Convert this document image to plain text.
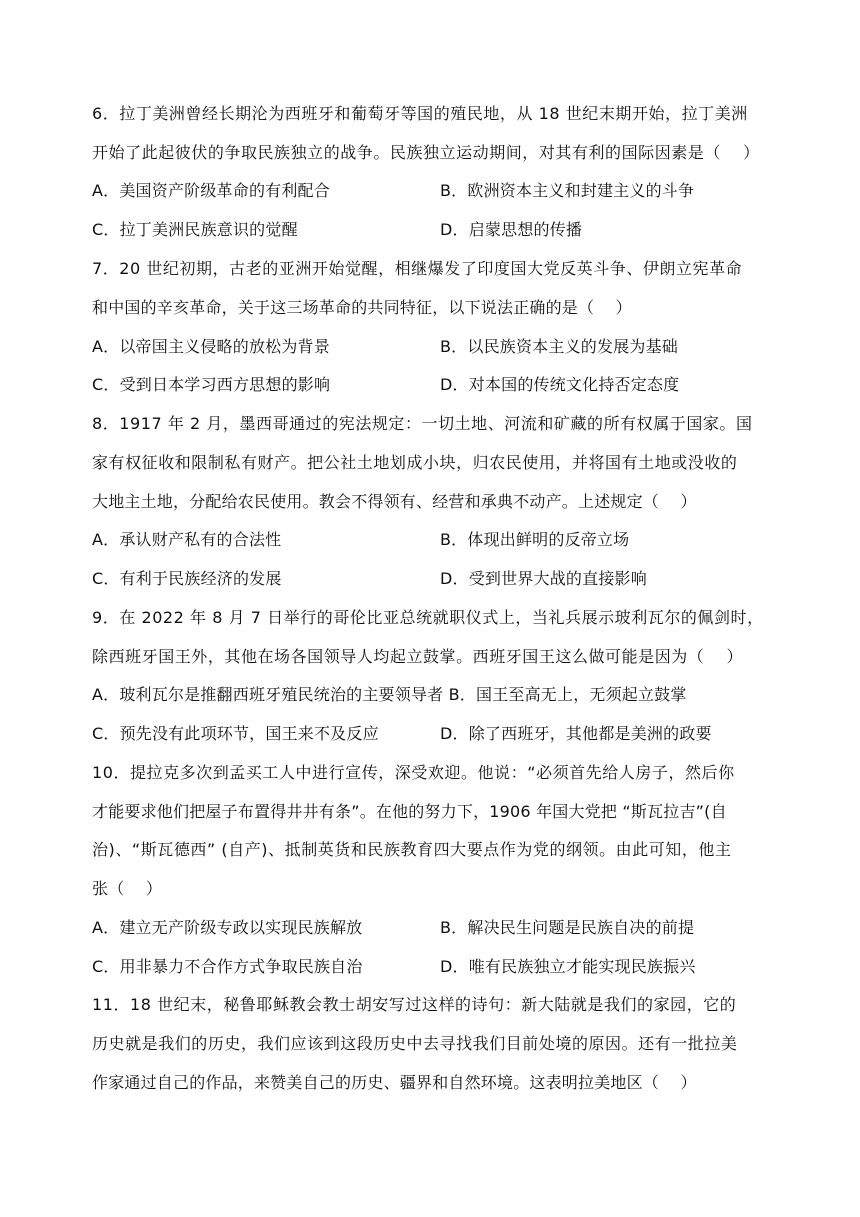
6．拉丁美洲曾经长期沦为西班牙和葡萄牙等国的殖民地，从 18 世纪末期开始，拉丁美洲
开始了此起彼伏的争取民族独立的战争。民族独立运动期间，对其有利的国际因素是（　 ）
A．美国资产阶级革命的有利配合	B．欧洲资本主义和封建主义的斗争
C．拉丁美洲民族意识的觉醒	D．启蒙思想的传播
7．20 世纪初期，古老的亚洲开始觉醒，相继爆发了印度国大党反英斗争、伊朗立宪革命
和中国的辛亥革命，关于这三场革命的共同特征，以下说法正确的是（　 ）
A．以帝国主义侵略的放松为背景	B．以民族资本主义的发展为基础
C．受到日本学习西方思想的影响	D．对本国的传统文化持否定态度
8．1917 年 2 月，墨西哥通过的宪法规定：一切土地、河流和矿藏的所有权属于国家。国
家有权征收和限制私有财产。把公社土地划成小块，归农民使用，并将国有土地或没收的
大地主土地，分配给农民使用。教会不得领有、经营和承典不动产。上述规定（　 ）
A．承认财产私有的合法性	B．体现出鲜明的反帝立场
C．有利于民族经济的发展	D．受到世界大战的直接影响
9．在 2022 年 8 月 7 日举行的哥伦比亚总统就职仪式上，当礼兵展示玻利瓦尔的佩剑时，
除西班牙国王外，其他在场各国领导人均起立鼓掌。西班牙国王这么做可能是因为（　 ）
A．玻利瓦尔是推翻西班牙殖民统治的主要领导者 B．国王至高无上，无须起立鼓掌
C．预先没有此项环节，国王来不及反应	D．除了西班牙，其他都是美洲的政要
10．提拉克多次到孟买工人中进行宣传，深受欢迎。他说：“必须首先给人房子，然后你
才能要求他们把屋子布置得井井有条”。在他的努力下，1906 年国大党把 “斯瓦拉吉”(自
治)、“斯瓦德西” (自产)、抵制英货和民族教育四大要点作为党的纲领。由此可知，他主
张（　 ）
A．建立无产阶级专政以实现民族解放	B．解决民生问题是民族自决的前提
C．用非暴力不合作方式争取民族自治	D．唯有民族独立才能实现民族振兴
11．18 世纪末，秘鲁耶稣教会教士胡安写过这样的诗句：新大陆就是我们的家园，它的
历史就是我们的历史，我们应该到这段历史中去寻找我们目前处境的原因。还有一批拉美
作家通过自己的作品，来赞美自己的历史、疆界和自然环境。这表明拉美地区（　 ）
